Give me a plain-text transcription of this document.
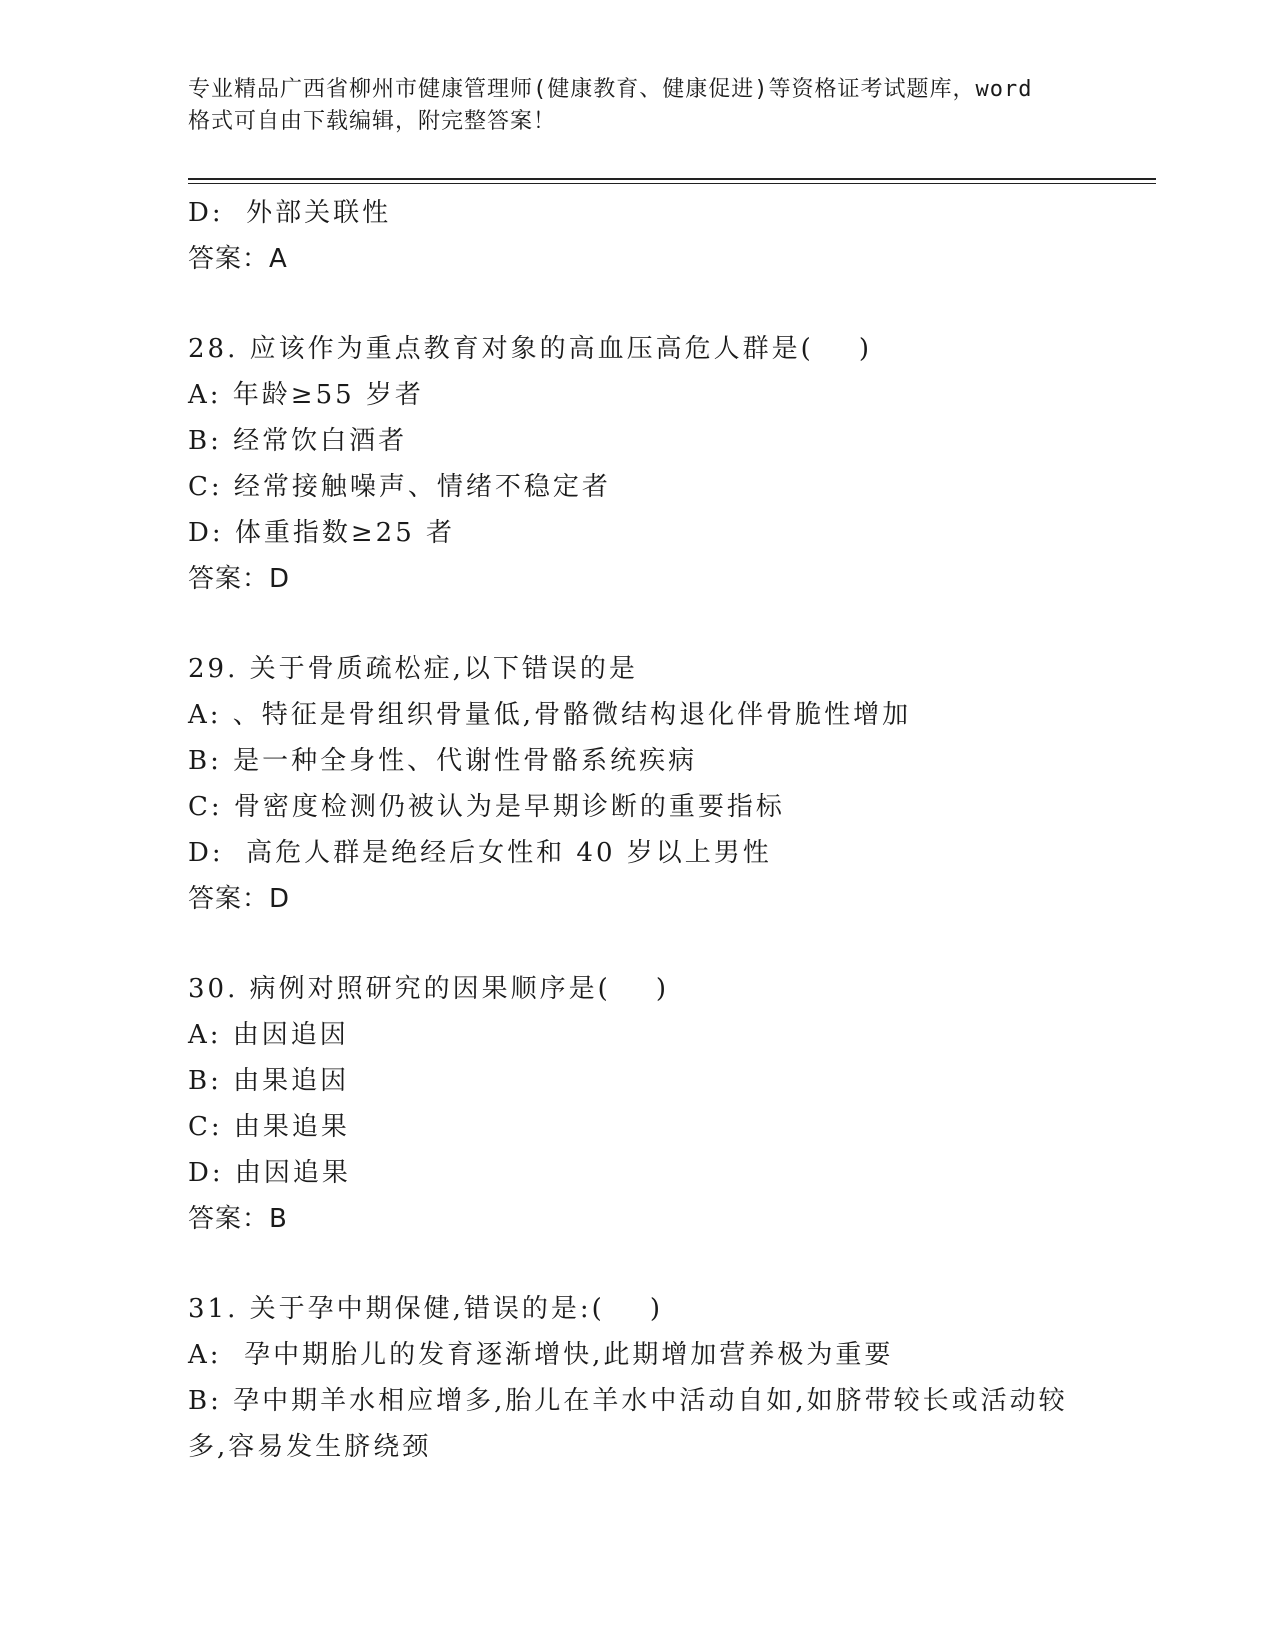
专业精品广西省柳州市健康管理师(健康教育、健康促进)等资格证考试题库，word
格式可自由下载编辑，附完整答案！
D:  外部关联性
答案：A
28. 应该作为重点教育对象的高血压高危人群是(    )
A: 年龄≥55 岁者
B: 经常饮白酒者
C: 经常接触噪声、情绪不稳定者
D: 体重指数≥25 者
答案：D
29. 关于骨质疏松症,以下错误的是
A: 、特征是骨组织骨量低,骨骼微结构退化伴骨脆性增加
B: 是一种全身性、代谢性骨骼系统疾病
C: 骨密度检测仍被认为是早期诊断的重要指标
D:  高危人群是绝经后女性和 40 岁以上男性
答案：D
30. 病例对照研究的因果顺序是(    )
A: 由因追因
B: 由果追因
C: 由果追果
D: 由因追果
答案：B
31. 关于孕中期保健,错误的是:(    )
A:  孕中期胎儿的发育逐渐增快,此期增加营养极为重要
B: 孕中期羊水相应增多,胎儿在羊水中活动自如,如脐带较长或活动较多,容易发生脐绕颈
